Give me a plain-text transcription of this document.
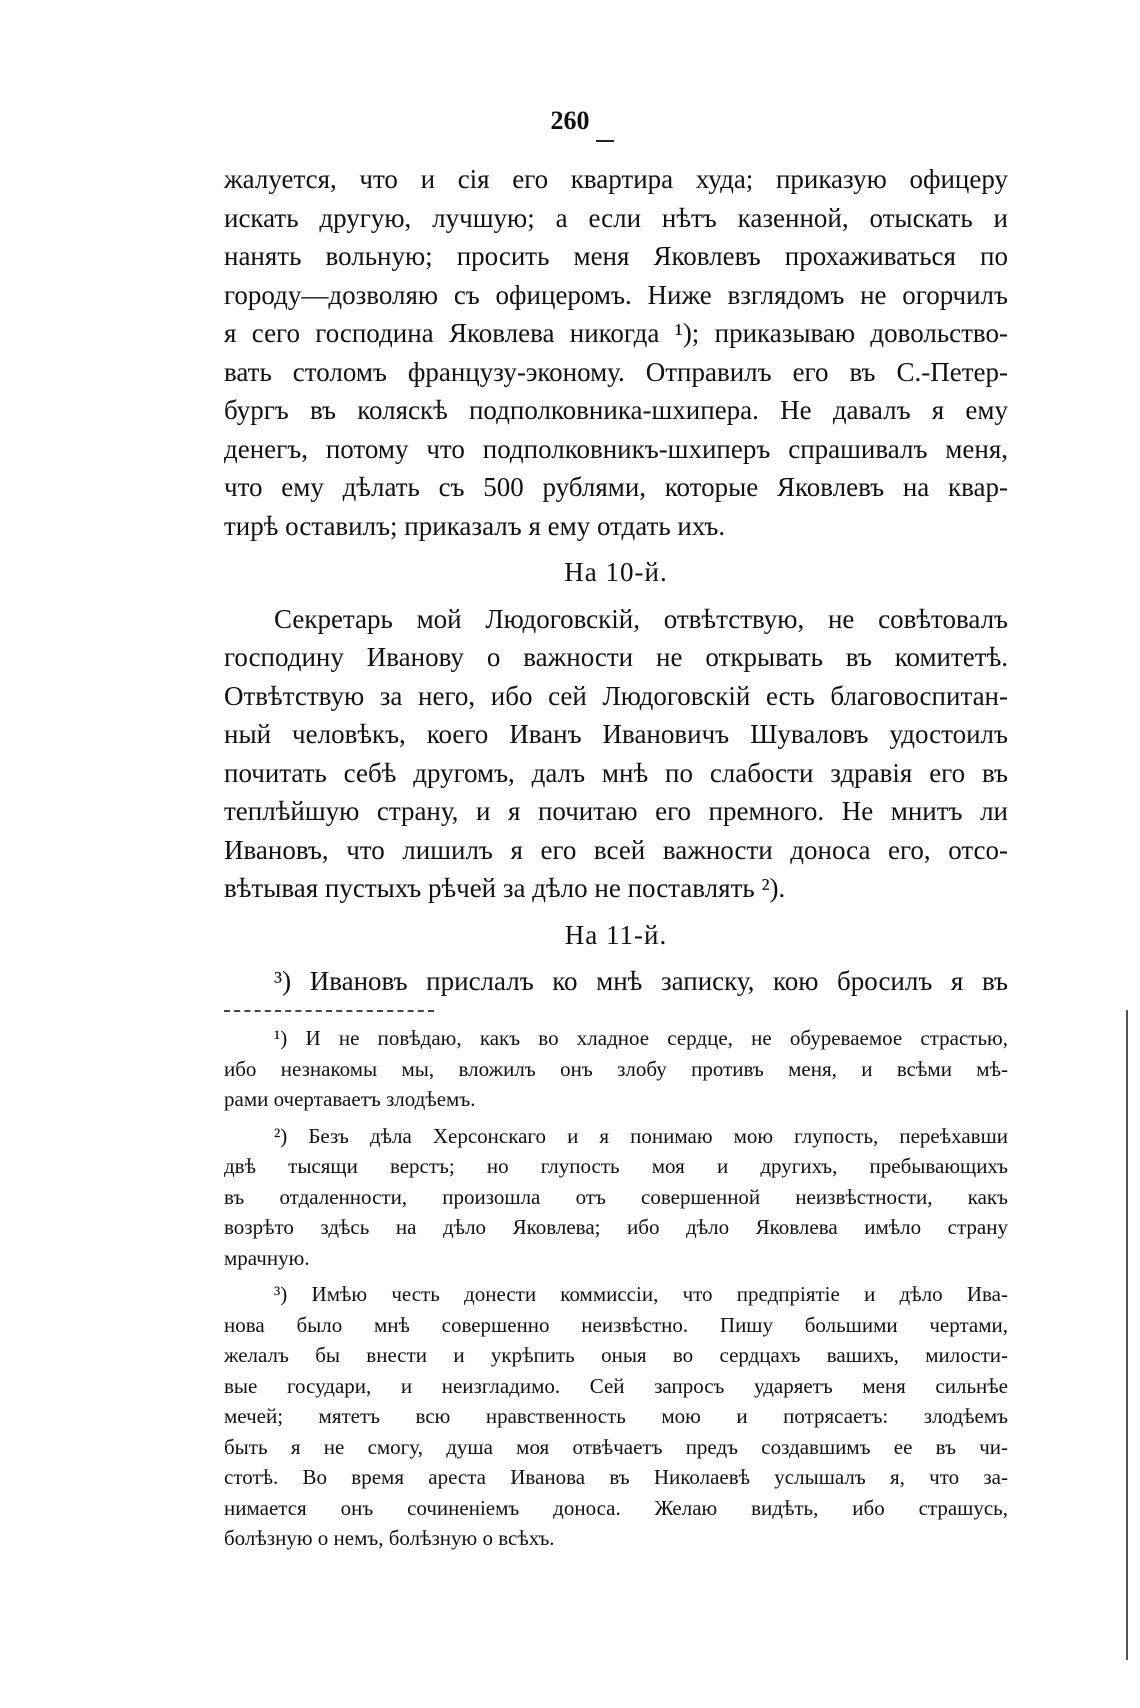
260
жалуется, что и сія его квартира худа; приказую офицеру
искать другую, лучшую; а если нѣтъ казенной, отыскать и
нанять вольную; просить меня Яковлевъ прохаживаться по
городу—дозволяю съ офицеромъ. Ниже взглядомъ не огорчилъ
я сего господина Яковлева никогда ¹); приказываю довольство-
вать столомъ французу-эконому. Отправилъ его въ С.-Петер-
бургъ въ коляскѣ подполковника-шхипера. Не давалъ я ему
денегъ, потому что подполковникъ-шхиперъ спрашивалъ меня,
что ему дѣлать съ 500 рублями, которые Яковлевъ на квар-
тирѣ оставилъ; приказалъ я ему отдать ихъ.
На 10-й.
Секретарь мой Людоговскій, отвѣтствую, не совѣтовалъ
господину Иванову о важности не открывать въ комитетѣ.
Отвѣтствую за него, ибо сей Людоговскій есть благовоспитан-
ный человѣкъ, коего Иванъ Ивановичъ Шуваловъ удостоилъ
почитать себѣ другомъ, далъ мнѣ по слабости здравія его въ
теплѣйшую страну, и я почитаю его премного. Не мнитъ ли
Ивановъ, что лишилъ я его всей важности доноса его, отсо-
вѣтывая пустыхъ рѣчей за дѣло не поставлять ²).
На 11-й.
³) Ивановъ прислалъ ко мнѣ записку, кою бросилъ я въ
¹) И не повѣдаю, какъ во хладное сердце, не обуреваемое страстью,
ибо незнакомы мы, вложилъ онъ злобу противъ меня, и всѣми мѣ-
рами очертаваетъ злодѣемъ.
²) Безъ дѣла Херсонскаго и я понимаю мою глупость, переѣхавши
двѣ тысящи верстъ; но глупость моя и другихъ, пребывающихъ
въ отдаленности, произошла отъ совершенной неизвѣстности, какъ
возрѣто здѣсь на дѣло Яковлева; ибо дѣло Яковлева имѣло страну
мрачную.
³) Имѣю честь донести коммиссіи, что предпріятіе и дѣло Ива-
нова было мнѣ совершенно неизвѣстно. Пишу большими чертами,
желалъ бы внести и укрѣпить оныя во сердцахъ вашихъ, милости-
вые государи, и неизгладимо. Сей запросъ ударяетъ меня сильнѣе
мечей; мятетъ всю нравственность мою и потрясаетъ: злодѣемъ
быть я не смогу, душа моя отвѣчаетъ предъ создавшимъ ее въ чи-
стотѣ. Во время ареста Иванова въ Николаевѣ услышалъ я, что за-
нимается онъ сочиненіемъ доноса. Желаю видѣть, ибо страшусь,
болѣзную о немъ, болѣзную о всѣхъ.
